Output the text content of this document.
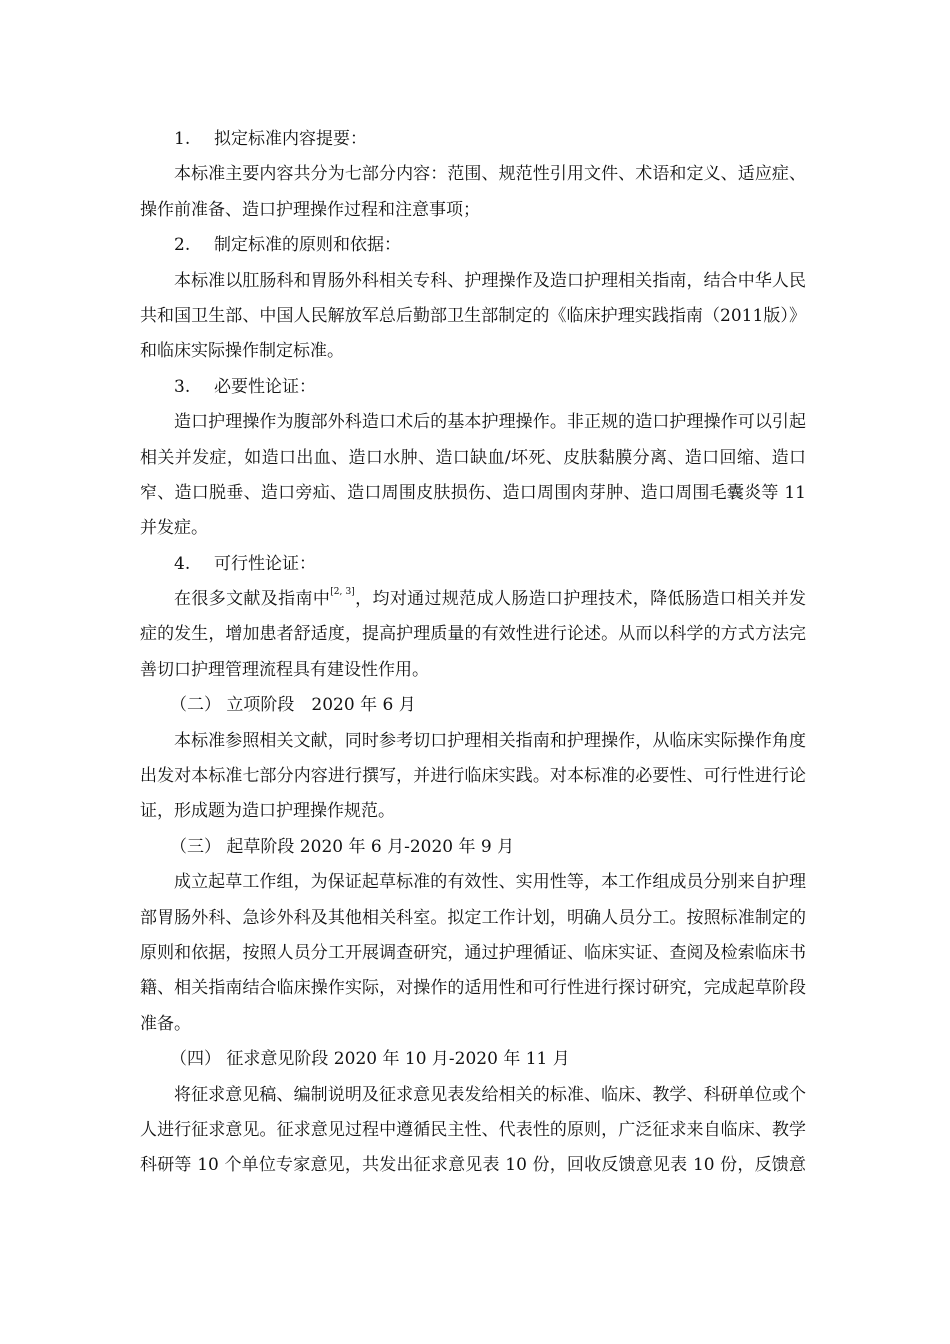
1. 拟定标准内容提要：
本标准主要内容共分为七部分内容：范围、规范性引用文件、术语和定义、适应症、
操作前准备、造口护理操作过程和注意事项；
2. 制定标准的原则和依据：
本标准以肛肠科和胃肠外科相关专科、护理操作及造口护理相关指南，结合中华人民
共和国卫生部、中国人民解放军总后勤部卫生部制定的《临床护理实践指南（2011版）》
和临床实际操作制定标准。
3. 必要性论证：
造口护理操作为腹部外科造口术后的基本护理操作。非正规的造口护理操作可以引起
相关并发症，如造口出血、造口水肿、造口缺血/坏死、皮肤黏膜分离、造口回缩、造口
窄、造口脱垂、造口旁疝、造口周围皮肤损伤、造口周围肉芽肿、造口周围毛囊炎等 11
并发症。
4. 可行性论证：
在很多文献及指南中[2, 3]，均对通过规范成人肠造口护理技术，降低肠造口相关并发
症的发生，增加患者舒适度，提高护理质量的有效性进行论述。从而以科学的方式方法完
善切口护理管理流程具有建设性作用。
（二） 立项阶段　2020 年 6 月
本标准参照相关文献，同时参考切口护理相关指南和护理操作，从临床实际操作角度
出发对本标准七部分内容进行撰写，并进行临床实践。对本标准的必要性、可行性进行论
证，形成题为造口护理操作规范。
（三） 起草阶段 2020 年 6 月-2020 年 9 月
成立起草工作组，为保证起草标准的有效性、实用性等，本工作组成员分别来自护理
部胃肠外科、急诊外科及其他相关科室。拟定工作计划，明确人员分工。按照标准制定的
原则和依据，按照人员分工开展调查研究，通过护理循证、临床实证、查阅及检索临床书
籍、相关指南结合临床操作实际，对操作的适用性和可行性进行探讨研究，完成起草阶段
准备。
（四） 征求意见阶段 2020 年 10 月-2020 年 11 月
将征求意见稿、编制说明及征求意见表发给相关的标准、临床、教学、科研单位或个
人进行征求意见。征求意见过程中遵循民主性、代表性的原则，广泛征求来自临床、教学
科研等 10 个单位专家意见，共发出征求意见表 10 份，回收反馈意见表 10 份，反馈意
